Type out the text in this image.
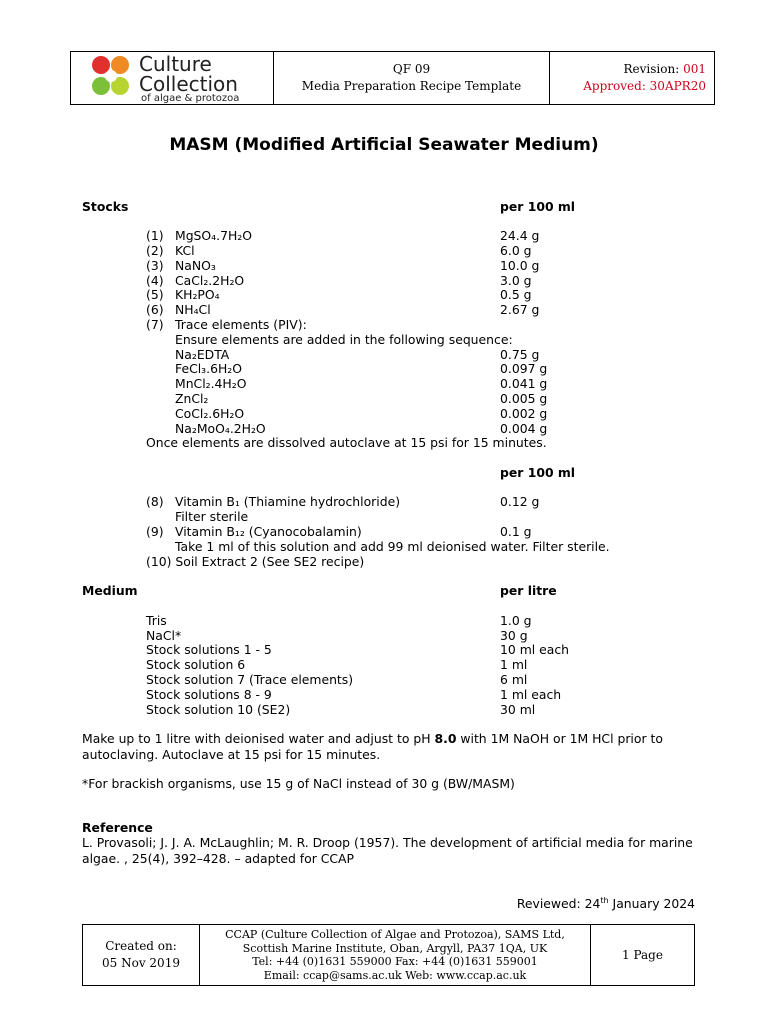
Culture
Collection
of algae & protozoa
QF 09
Media Preparation Recipe Template
Revision: 001
Approved: 30APR20
MASM (Modified Artificial Seawater Medium)
Stocks	per 100 ml
(1) MgSO₄.7H₂O	24.4 g
(2) KCl	6.0 g
(3) NaNO₃	10.0 g
(4) CaCl₂.2H₂O	3.0 g
(5) KH₂PO₄	0.5 g
(6) NH₄Cl	2.67 g
(7) Trace elements (PIV):
Ensure elements are added in the following sequence:
Na₂EDTA	0.75 g
FeCl₃.6H₂O	0.097 g
MnCl₂.4H₂O	0.041 g
ZnCl₂	0.005 g
CoCl₂.6H₂O	0.002 g
Na₂MoO₄.2H₂O	0.004 g
Once elements are dissolved autoclave at 15 psi for 15 minutes.
per 100 ml
(8) Vitamin B₁ (Thiamine hydrochloride)	0.12 g
Filter sterile
(9) Vitamin B₁₂ (Cyanocobalamin)	0.1 g
Take 1 ml of this solution and add 99 ml deionised water. Filter sterile.
(10) Soil Extract 2 (See SE2 recipe)
Medium	per litre
Tris	1.0 g
NaCl*	30 g
Stock solutions 1 - 5	10 ml each
Stock solution 6	1 ml
Stock solution 7 (Trace elements)	6 ml
Stock solutions 8 - 9	1 ml each
Stock solution 10 (SE2)	30 ml
Make up to 1 litre with deionised water and adjust to pH 8.0 with 1M NaOH or 1M HCl prior to autoclaving. Autoclave at 15 psi for 15 minutes.
*For brackish organisms, use 15 g of NaCl instead of 30 g (BW/MASM)
Reference
L. Provasoli; J. J. A. McLaughlin; M. R. Droop (1957). The development of artificial media for marine algae. , 25(4), 392–428. – adapted for CCAP
Reviewed: 24th January 2024
Created on:
05 Nov 2019
CCAP (Culture Collection of Algae and Protozoa), SAMS Ltd,
Scottish Marine Institute, Oban, Argyll, PA37 1QA, UK
Tel: +44 (0)1631 559000 Fax: +44 (0)1631 559001
Email: ccap@sams.ac.uk Web: www.ccap.ac.uk
1 Page
